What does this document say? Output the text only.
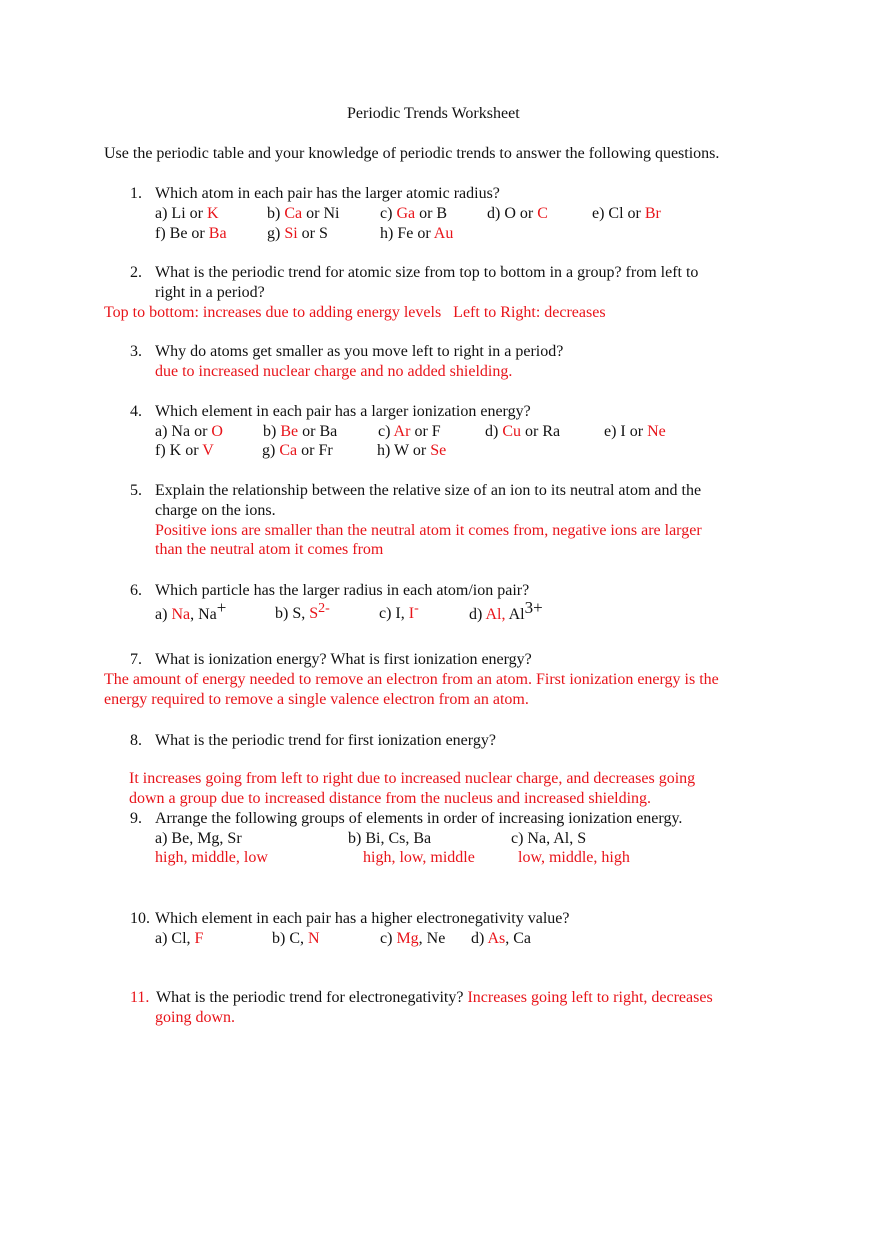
Periodic Trends Worksheet
Use the periodic table and your knowledge of periodic trends to answer the following questions.
1. Which atom in each pair has the larger atomic radius?
a) Li or K	b) Ca or Ni	c) Ga or B d) O or C	e) Cl or Br
f) Be or Ba	g) Si or S	h) Fe or Au
2. What is the periodic trend for atomic size from top to bottom in a group? from left to
right in a period?
Top to bottom: increases due to adding energy levels   Left to Right: decreases
3. Why do atoms get smaller as you move left to right in a period?
due to increased nuclear charge and no added shielding.
4. Which element in each pair has a larger ionization energy?
a) Na or O	b) Be or Ba	c) Ar or F	d) Cu or Ra	e) I or Ne
f) K or V	g) Ca or Fr	h) W or Se
5. Explain the relationship between the relative size of an ion to its neutral atom and the
charge on the ions.
Positive ions are smaller than the neutral atom it comes from, negative ions are larger
than the neutral atom it comes from
6. Which particle has the larger radius in each atom/ion pair?
a) Na, Na+	b) S, S2-	c) I, I-	d) Al, Al3+
7. What is ionization energy? What is first ionization energy?
The amount of energy needed to remove an electron from an atom. First ionization energy is the
energy required to remove a single valence electron from an atom.
8. What is the periodic trend for first ionization energy?
It increases going from left to right due to increased nuclear charge, and decreases going
down a group due to increased distance from the nucleus and increased shielding.
9. Arrange the following groups of elements in order of increasing ionization energy.
a) Be, Mg, Sr	b) Bi, Cs, Ba	c) Na, Al, S
high, middle, low	high, low, middle	low, middle, high
10. Which element in each pair has a higher electronegativity value?
a) Cl, F	b) C, N	c) Mg, Ne d) As, Ca
11. What is the periodic trend for electronegativity? Increases going left to right, decreases
going down.
